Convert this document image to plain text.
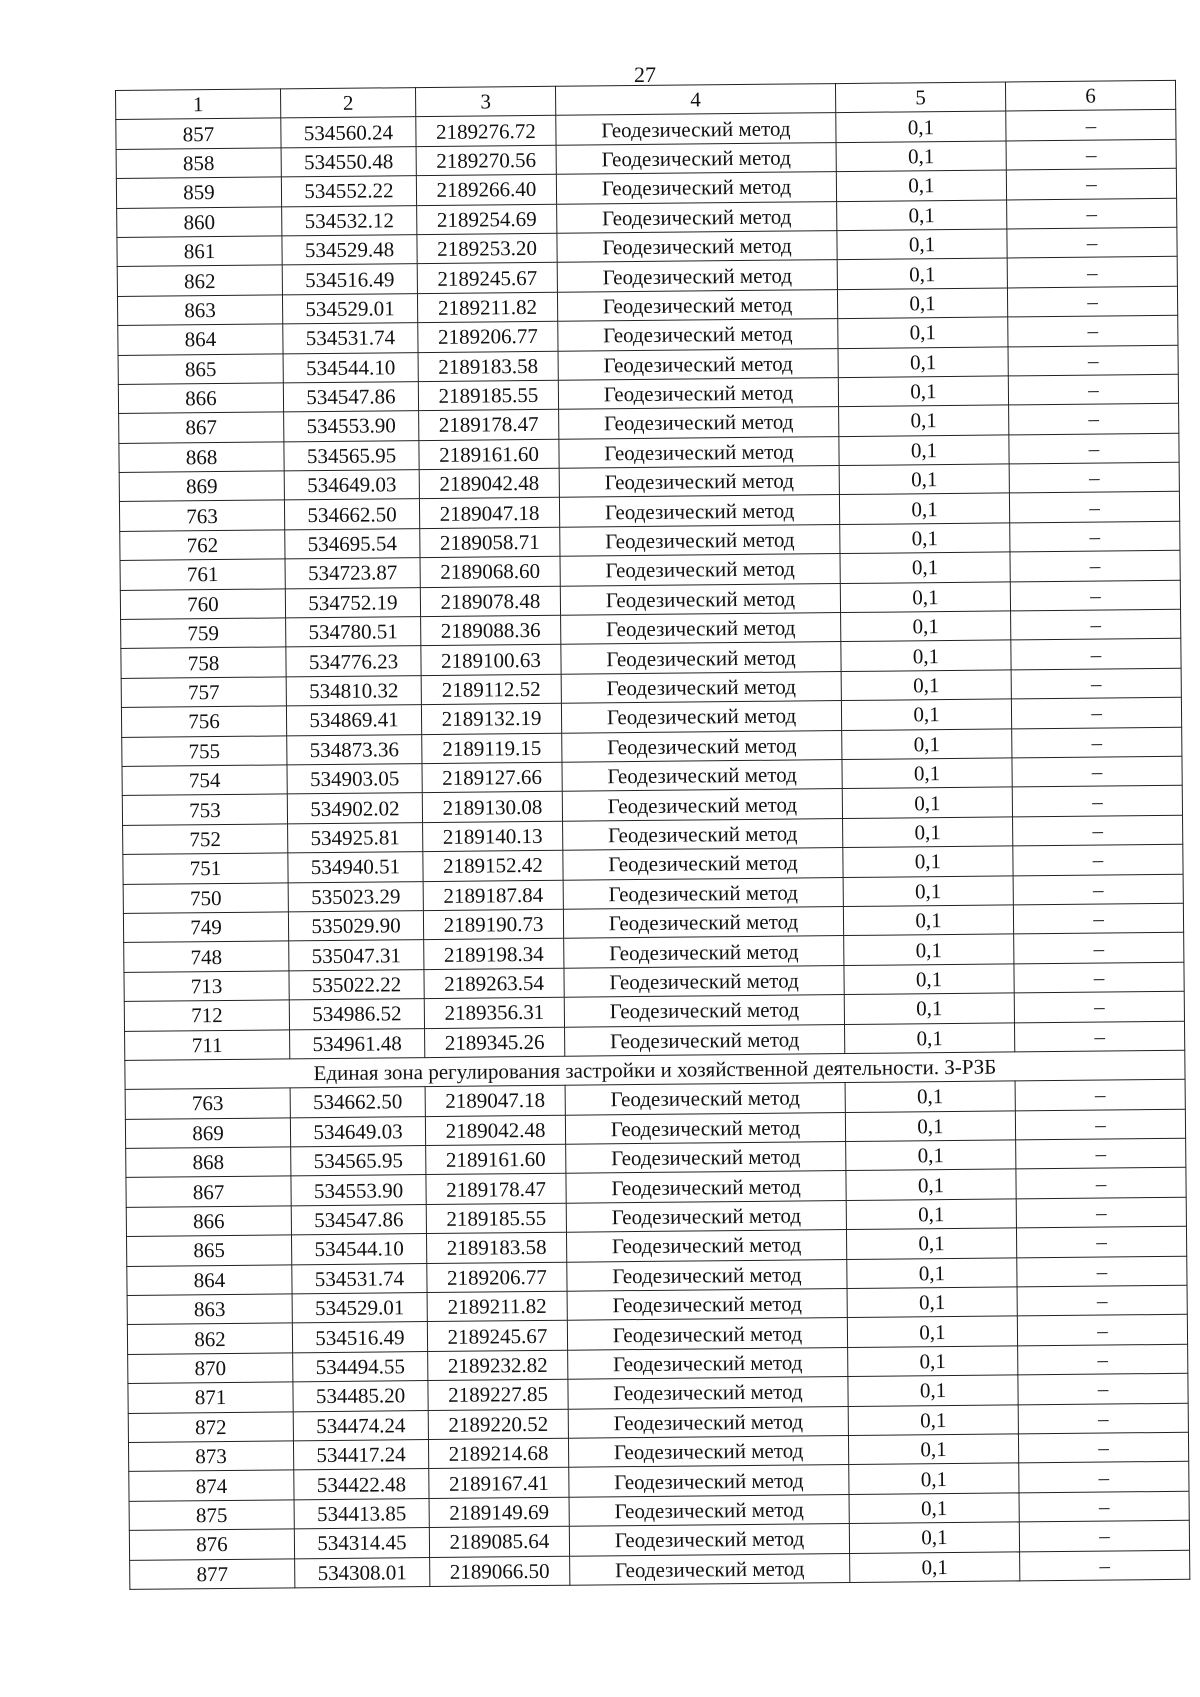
27
1	2	3	4	5	6
857	534560.24	2189276.72	Геодезический метод	0,1	–
858	534550.48	2189270.56	Геодезический метод	0,1	–
859	534552.22	2189266.40	Геодезический метод	0,1	–
860	534532.12	2189254.69	Геодезический метод	0,1	–
861	534529.48	2189253.20	Геодезический метод	0,1	–
862	534516.49	2189245.67	Геодезический метод	0,1	–
863	534529.01	2189211.82	Геодезический метод	0,1	–
864	534531.74	2189206.77	Геодезический метод	0,1	–
865	534544.10	2189183.58	Геодезический метод	0,1	–
866	534547.86	2189185.55	Геодезический метод	0,1	–
867	534553.90	2189178.47	Геодезический метод	0,1	–
868	534565.95	2189161.60	Геодезический метод	0,1	–
869	534649.03	2189042.48	Геодезический метод	0,1	–
763	534662.50	2189047.18	Геодезический метод	0,1	–
762	534695.54	2189058.71	Геодезический метод	0,1	–
761	534723.87	2189068.60	Геодезический метод	0,1	–
760	534752.19	2189078.48	Геодезический метод	0,1	–
759	534780.51	2189088.36	Геодезический метод	0,1	–
758	534776.23	2189100.63	Геодезический метод	0,1	–
757	534810.32	2189112.52	Геодезический метод	0,1	–
756	534869.41	2189132.19	Геодезический метод	0,1	–
755	534873.36	2189119.15	Геодезический метод	0,1	–
754	534903.05	2189127.66	Геодезический метод	0,1	–
753	534902.02	2189130.08	Геодезический метод	0,1	–
752	534925.81	2189140.13	Геодезический метод	0,1	–
751	534940.51	2189152.42	Геодезический метод	0,1	–
750	535023.29	2189187.84	Геодезический метод	0,1	–
749	535029.90	2189190.73	Геодезический метод	0,1	–
748	535047.31	2189198.34	Геодезический метод	0,1	–
713	535022.22	2189263.54	Геодезический метод	0,1	–
712	534986.52	2189356.31	Геодезический метод	0,1	–
711	534961.48	2189345.26	Геодезический метод	0,1	–
Единая зона регулирования застройки и хозяйственной деятельности. З-РЗБ					
763	534662.50	2189047.18	Геодезический метод	0,1	–
869	534649.03	2189042.48	Геодезический метод	0,1	–
868	534565.95	2189161.60	Геодезический метод	0,1	–
867	534553.90	2189178.47	Геодезический метод	0,1	–
866	534547.86	2189185.55	Геодезический метод	0,1	–
865	534544.10	2189183.58	Геодезический метод	0,1	–
864	534531.74	2189206.77	Геодезический метод	0,1	–
863	534529.01	2189211.82	Геодезический метод	0,1	–
862	534516.49	2189245.67	Геодезический метод	0,1	–
870	534494.55	2189232.82	Геодезический метод	0,1	–
871	534485.20	2189227.85	Геодезический метод	0,1	–
872	534474.24	2189220.52	Геодезический метод	0,1	–
873	534417.24	2189214.68	Геодезический метод	0,1	–
874	534422.48	2189167.41	Геодезический метод	0,1	–
875	534413.85	2189149.69	Геодезический метод	0,1	–
876	534314.45	2189085.64	Геодезический метод	0,1	–
877	534308.01	2189066.50	Геодезический метод	0,1	–
